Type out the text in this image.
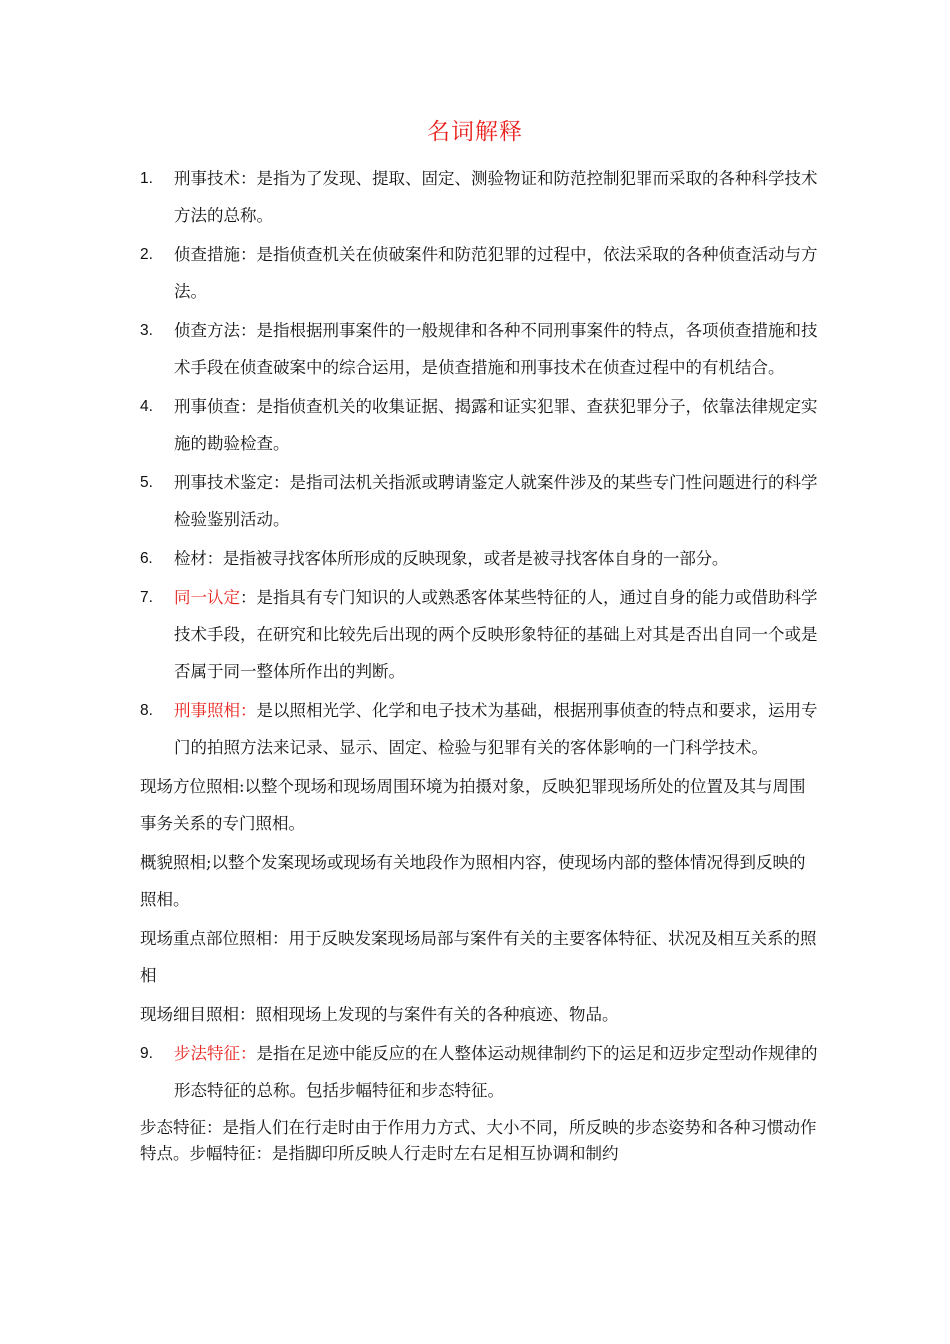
名词解释
1. 刑事技术：是指为了发现、提取、固定、测验物证和防范控制犯罪而采取的各种科学技术方法的总称。
2. 侦查措施：是指侦查机关在侦破案件和防范犯罪的过程中，依法采取的各种侦查活动与方法。
3. 侦查方法：是指根据刑事案件的一般规律和各种不同刑事案件的特点，各项侦查措施和技术手段在侦查破案中的综合运用，是侦查措施和刑事技术在侦查过程中的有机结合。
4. 刑事侦查：是指侦查机关的收集证据、揭露和证实犯罪、查获犯罪分子，依靠法律规定实施的勘验检查。
5. 刑事技术鉴定：是指司法机关指派或聘请鉴定人就案件涉及的某些专门性问题进行的科学检验鉴别活动。
6. 检材：是指被寻找客体所形成的反映现象，或者是被寻找客体自身的一部分。
7. 同一认定：是指具有专门知识的人或熟悉客体某些特征的人，通过自身的能力或借助科学技术手段，在研究和比较先后出现的两个反映形象特征的基础上对其是否出自同一个或是否属于同一整体所作出的判断。
8. 刑事照相：是以照相光学、化学和电子技术为基础，根据刑事侦查的特点和要求，运用专门的拍照方法来记录、显示、固定、检验与犯罪有关的客体影响的一门科学技术。

现场方位照相:以整个现场和现场周围环境为拍摄对象，反映犯罪现场所处的位置及其与周围事务关系的专门照相。

概貌照相;以整个发案现场或现场有关地段作为照相内容，使现场内部的整体情况得到反映的照相。

现场重点部位照相：用于反映发案现场局部与案件有关的主要客体特征、状况及相互关系的照相

现场细目照相：照相现场上发现的与案件有关的各种痕迹、物品。

9. 步法特征：是指在足迹中能反应的在人整体运动规律制约下的运足和迈步定型动作规律的形态特征的总称。包括步幅特征和步态特征。

步态特征：是指人们在行走时由于作用力方式、大小不同，所反映的步态姿势和各种习惯动作特点。步幅特征：是指脚印所反映人行走时左右足相互协调和制约
